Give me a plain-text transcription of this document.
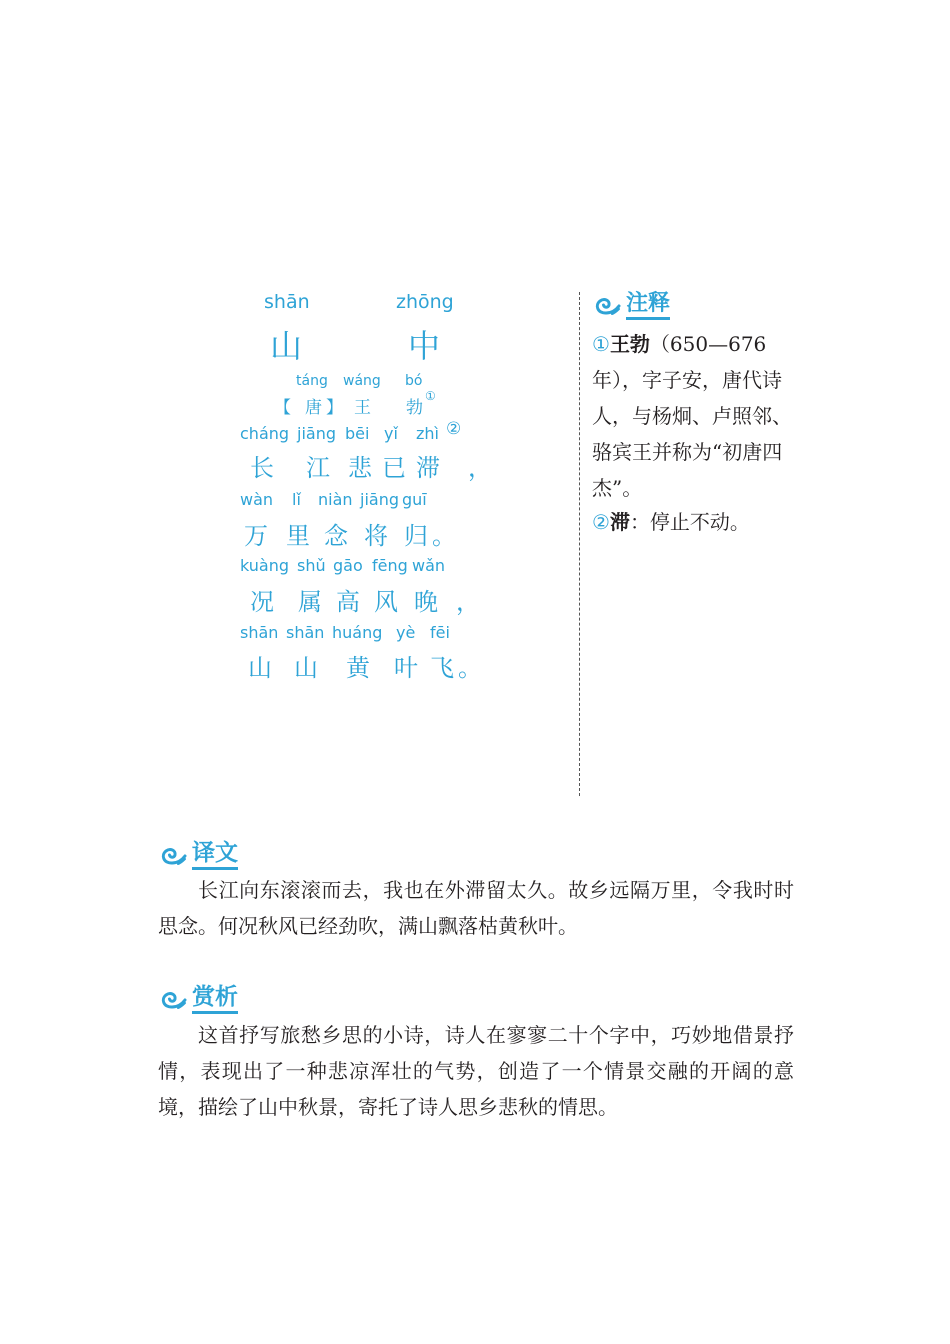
shān	zhōng
山	中
táng wáng bó
【 唐 】 王 勃
①
cháng jiāng bēi yǐ zhì ②
长 江 悲 已 滞 ，
wàn lǐ niàn jiāng guī
万 里 念 将 归 。
kuàng shǔ gāo fēng wǎn
况 属 高 风 晚 ，
shān shān huáng yè fēi
山 山 黄 叶 飞 。
注释
①王勃（650—676年），字子安，唐代诗人，与杨炯、卢照邻、骆宾王并称为“初唐四杰”。
②滞：停止不动。
译文

长江向东滚滚而去，我也在外滞留太久。故乡远隔万里，令我时时思念。何况秋风已经劲吹，满山飘落枯黄秋叶。

赏析

这首抒写旅愁乡思的小诗，诗人在寥寥二十个字中，巧妙地借景抒情，表现出了一种悲凉浑壮的气势，创造了一个情景交融的开阔的意境，描绘了山中秋景，寄托了诗人思乡悲秋的情思。
